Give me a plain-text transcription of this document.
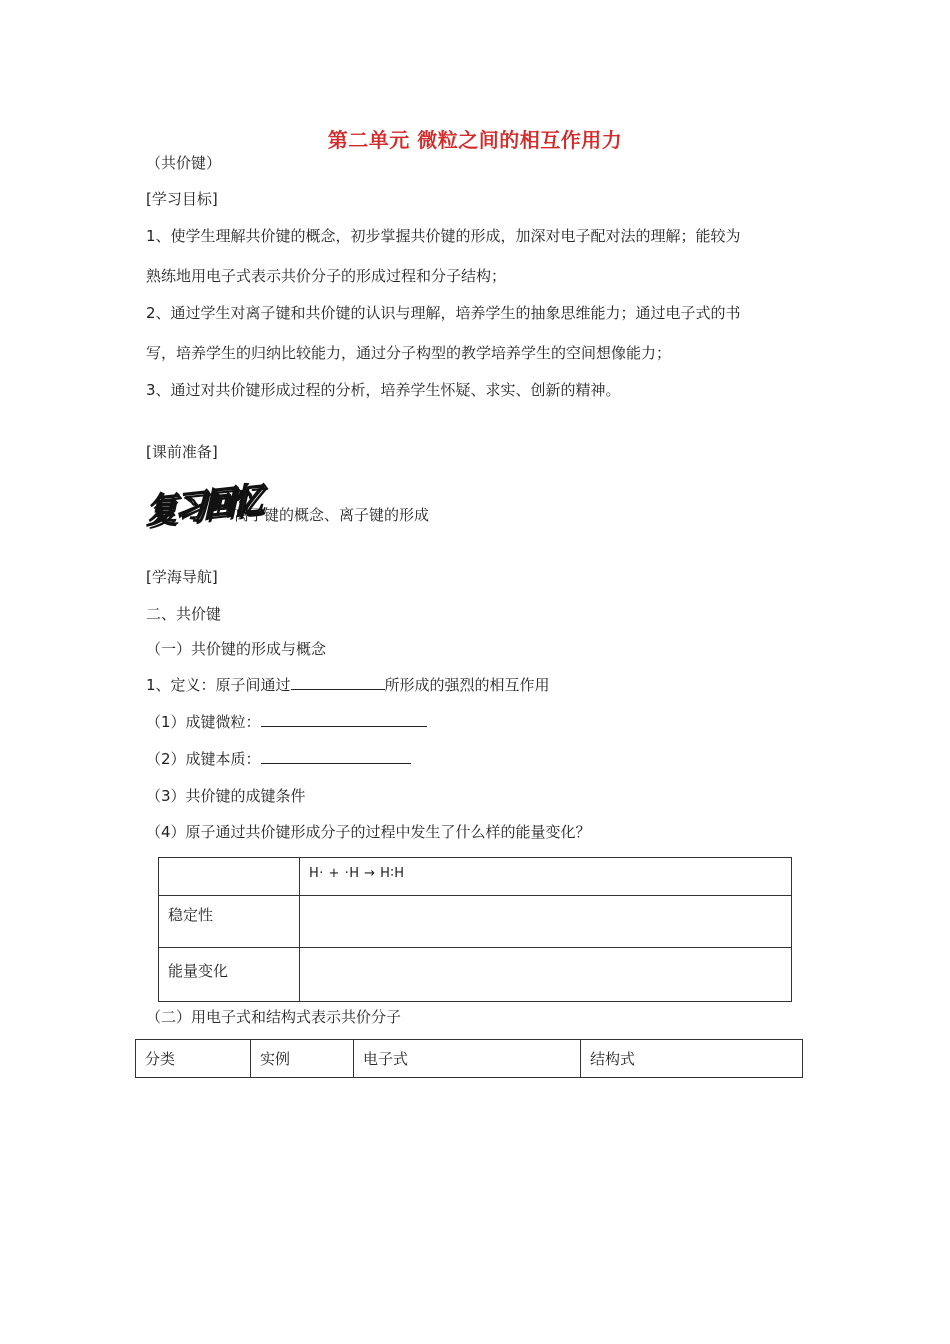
第二单元 微粒之间的相互作用力
（共价键）
[学习目标]
1、使学生理解共价键的概念，初步掌握共价键的形成，加深对电子配对法的理解；能较为
熟练地用电子式表示共价分子的形成过程和分子结构；
2、通过学生对离子键和共价键的认识与理解，培养学生的抽象思维能力；通过电子式的书
写，培养学生的归纳比较能力，通过分子构型的教学培养学生的空间想像能力；
3、通过对共价键形成过程的分析，培养学生怀疑、求实、创新的精神。
[课前准备]
离子键的概念、离子键的形成
复习回忆
[学海导航]
二、共价键
（一）共价键的形成与概念
1、定义：原子间通过	所形成的强烈的相互作用
（1）成键微粒：
（2）成键本质：
（3）共价键的成键条件
（4）原子通过共价键形成分子的过程中发生了什么样的能量变化？
	H· + ·H → H∶H
稳定性	
能量变化	
（二）用电子式和结构式表示共价分子
分类	实例	电子式	结构式
